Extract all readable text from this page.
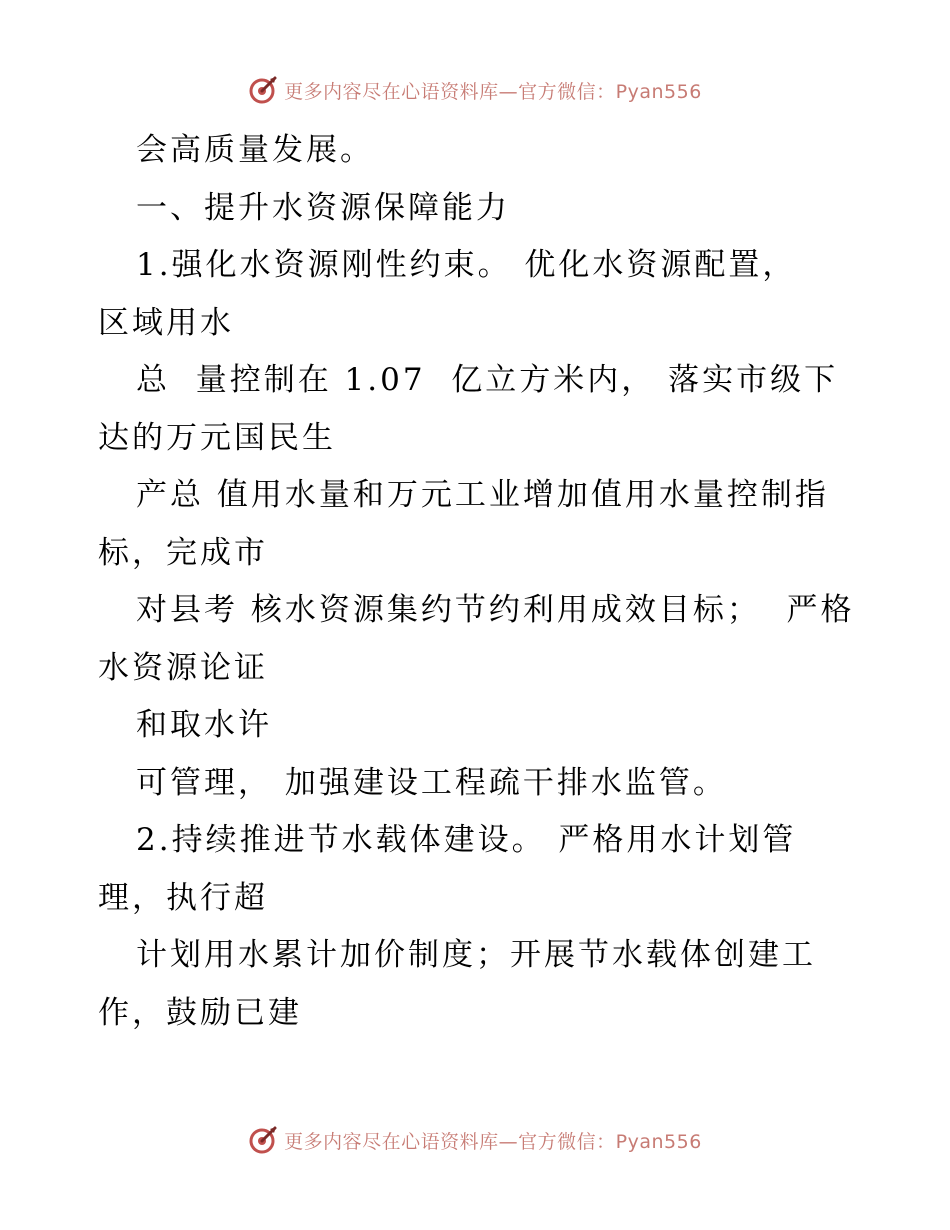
更多内容尽在心语资料库—官方微信：Pyan556
会高质量发展。
一、提升水资源保障能力
1.强化水资源刚性约束。 优化水资源配置，
区域用水
总  量控制在 1.07  亿立方米内， 落实市级下
达的万元国民生
产总 值用水量和万元工业增加值用水量控制指
标，完成市
对县考 核水资源集约节约利用成效目标；  严格
水资源论证
和取水许
可管理， 加强建设工程疏干排水监管。
2.持续推进节水载体建设。 严格用水计划管
理，执行超
计划用水累计加价制度；开展节水载体创建工
作，鼓励已建
更多内容尽在心语资料库—官方微信：Pyan556
